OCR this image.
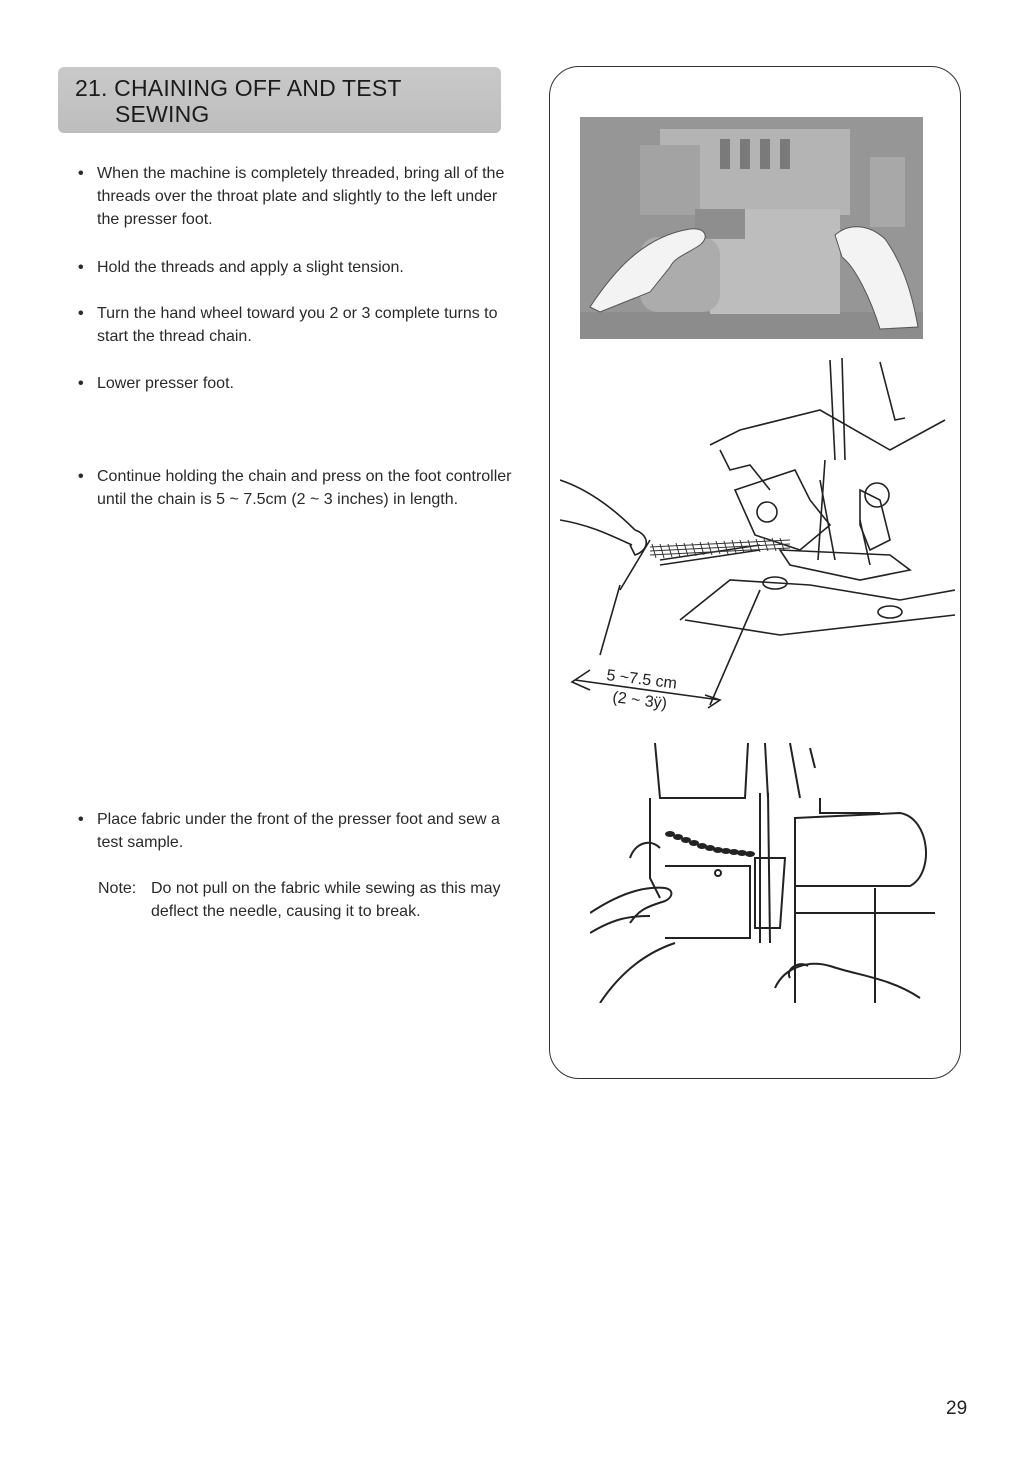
21. CHAINING OFF AND TEST
SEWING
• When the machine is completely threaded, bring all of the threads over the throat plate and slightly to the left under the presser foot.
• Hold the threads and apply a slight tension.
• Turn the hand wheel toward you 2 or 3 complete turns to start the thread chain.
• Lower presser foot.
• Continue holding the chain and press on the foot controller until the chain is 5 ~ 7.5cm (2 ~ 3 inches) in length.
• Place fabric under the front of the presser foot and sew a test sample.
Note: Do not pull on the fabric while sewing as this may deflect the needle, causing it to break.
5 ~7.5 cm
(2 ~ 3ÿ)
29
